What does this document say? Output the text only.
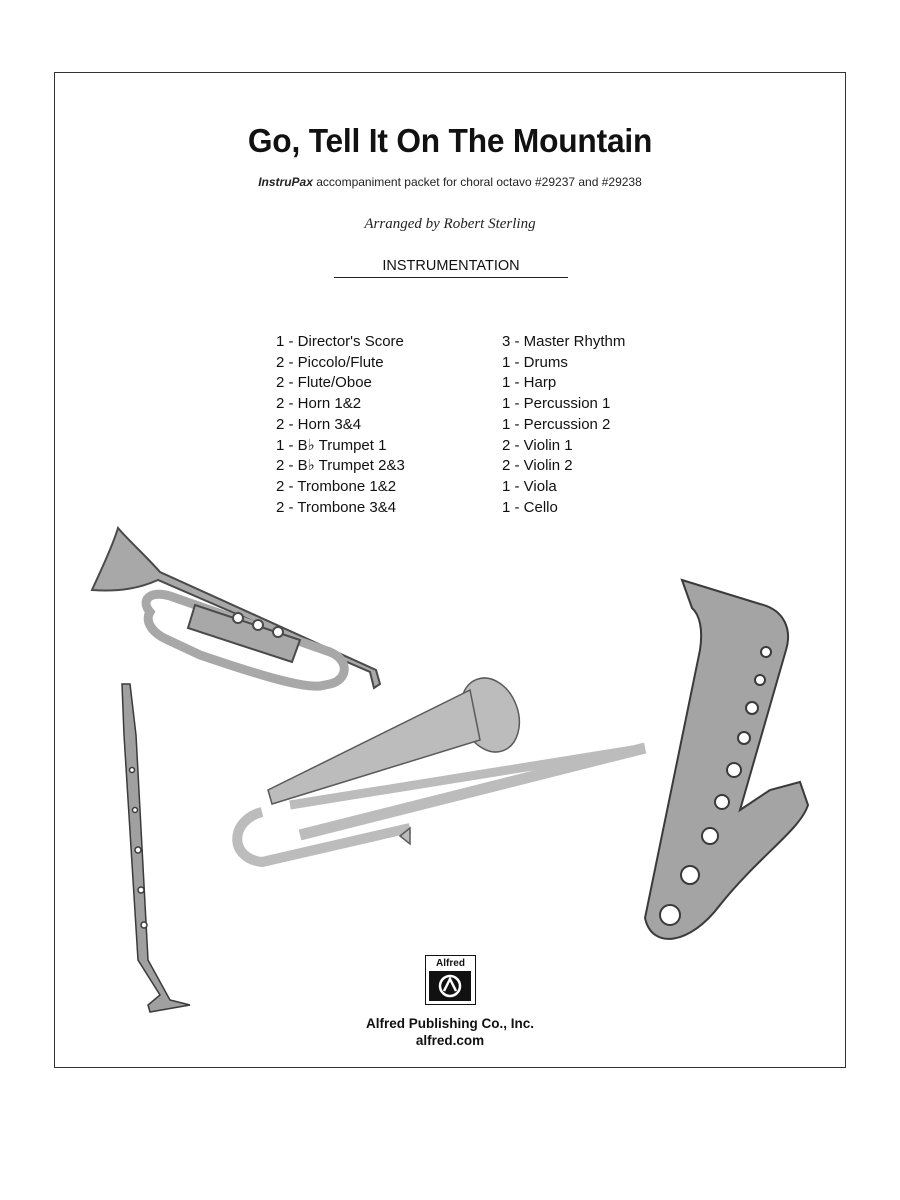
Go, Tell It On The Mountain
InstruPax accompaniment packet for choral octavo #29237 and #29238
Arranged by Robert Sterling
INSTRUMENTATION
1 - Director's Score
2 - Piccolo/Flute
2 - Flute/Oboe
2 - Horn 1&2
2 - Horn 3&4
1 - B♭ Trumpet 1
2 - B♭ Trumpet 2&3
2 - Trombone 1&2
2 - Trombone 3&4
3 - Master Rhythm
1 - Drums
1 - Harp
1 - Percussion 1
1 - Percussion 2
2 - Violin 1
2 - Violin 2
1 - Viola
1 - Cello
Alfred
Alfred Publishing Co., Inc.
alfred.com
